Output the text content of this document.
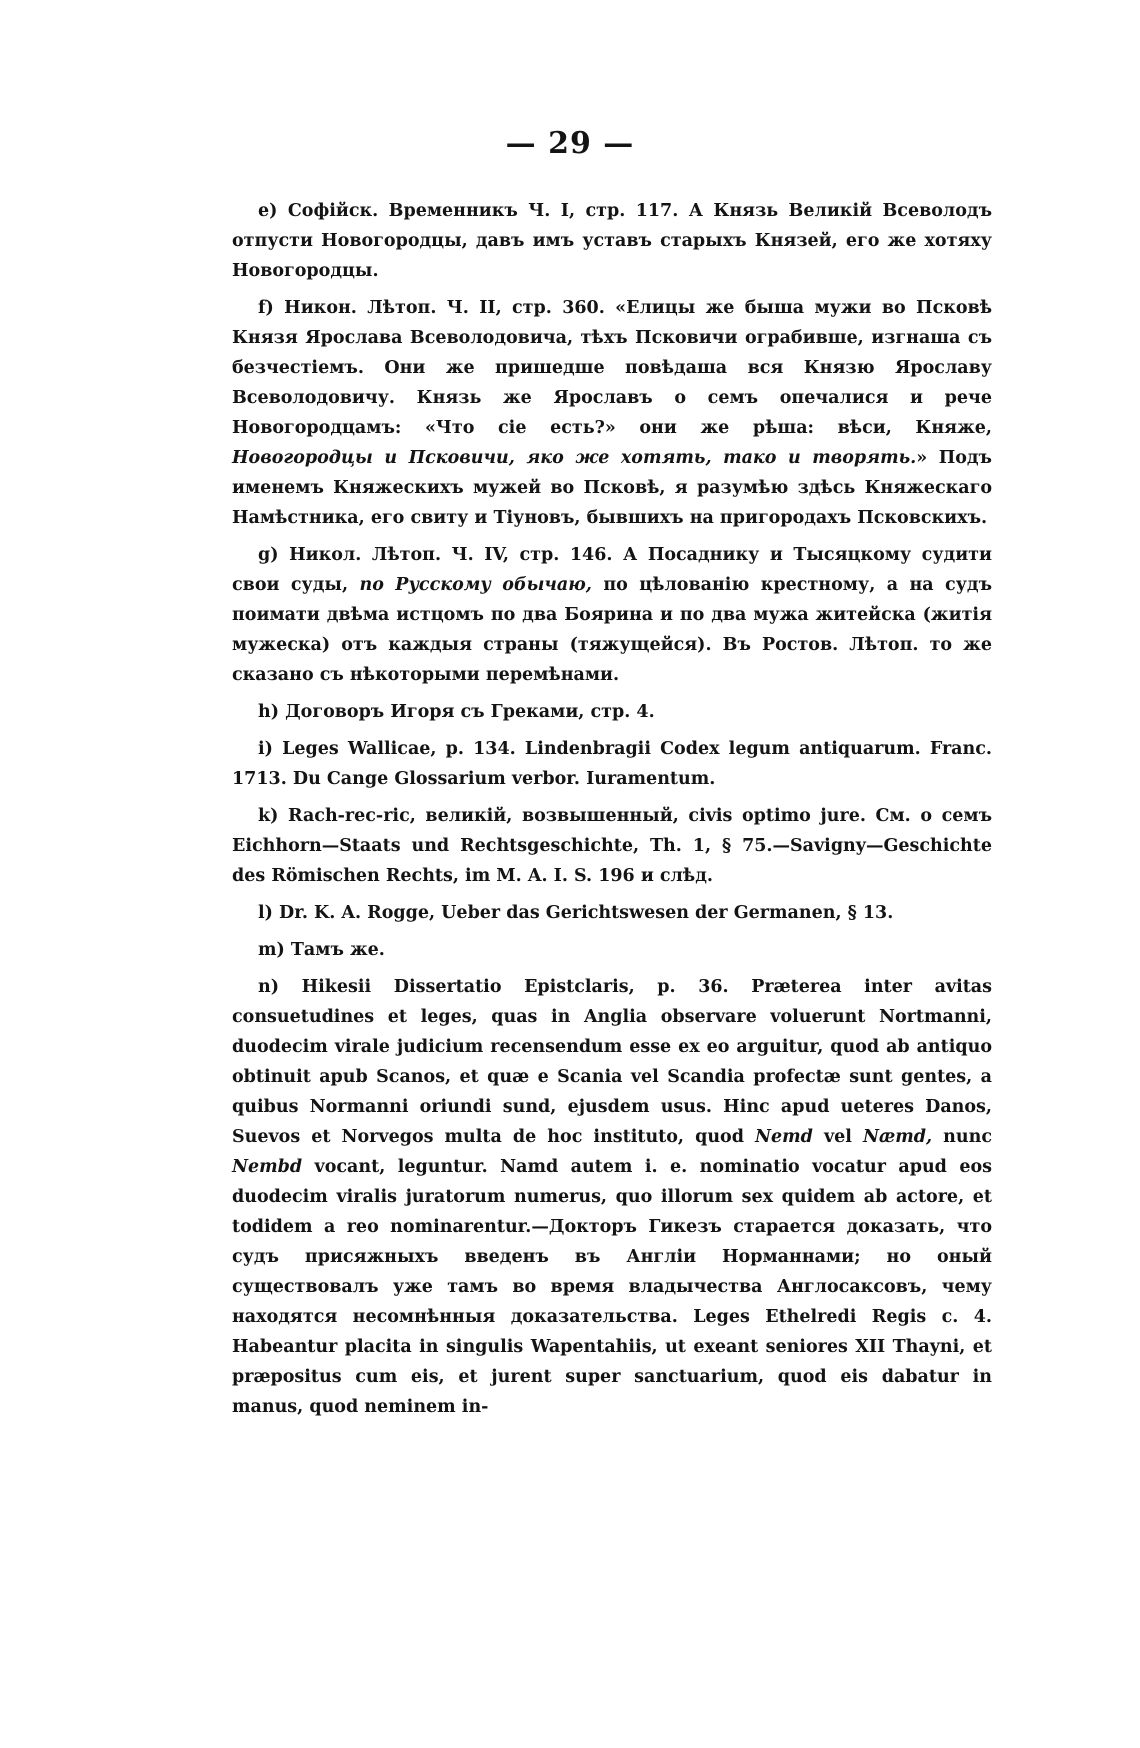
— 29 —

e) Софійск. Временникъ Ч. I, стр. 117. А Князь Великій Всеволодъ отпусти Новогородцы, давъ имъ уставъ старыхъ Князей, его же хотяху Новогородцы.

f) Никон. Лѣтоп. Ч. II, стр. 360. «Елицы же быша мужи во Псковѣ Князя Ярослава Всеволодовича, тѣхъ Псковичи ограбивше, изгнаша съ безчестіемъ. Они же пришедше повѣдаша вся Князю Ярославу Всеволодовичу. Князь же Ярославъ о семъ опечалися и рече Новогородцамъ: «Что сіе есть?» они же рѣша: вѣси, Княже, Новогородцы и Псковичи, яко же хотять, тако и творять.» Подъ именемъ Княжескихъ мужей во Псковѣ, я разумѣю здѣсь Княжескаго Намѣстника, его свиту и Тіуновъ, бывшихъ на пригородахъ Псковскихъ.

g) Никол. Лѣтоп. Ч. IV, стр. 146. А Посаднику и Тысяцкому судити свои суды, по Русскому обычаю, по цѣлованію крестному, а на судъ поимати двѣма истцомъ по два Боярина и по два мужа житейска (житія мужеска) отъ каждыя страны (тяжущейся). Въ Ростов. Лѣтоп. то же сказано съ нѣкоторыми перемѣнами.

h) Договоръ Игоря съ Греками, стр. 4.

i) Leges Wallicae, p. 134. Lindenbragii Codex legum antiquarum. Franc. 1713. Du Cange Glossarium verbor. Iuramentum.

k) Rach-rec-ric, великій, возвышенный, civis optimo jure. См. о семъ Eichhorn—Staats und Rechtsgeschichte, Th. 1, § 75.—Savigny—Geschichte des Römischen Rechts, im M. A. I. S. 196 и слѣд.

l) Dr. K. A. Rogge, Ueber das Gerichtswesen der Germanen, § 13.

m) Тамъ же.

n) Hikesii Dissertatio Epistclaris, p. 36. Præterea inter avitas consuetudines et leges, quas in Anglia observare voluerunt Nortmanni, duodecim virale judicium recensendum esse ex eo arguitur, quod ab antiquo obtinuit apub Scanos, et quæ e Scania vel Scandia profectæ sunt gentes, a quibus Normanni oriundi sund, ejusdem usus. Hinc apud ueteres Danos, Suevos et Norvegos multa de hoc instituto, quod Nemd vel Næmd, nunc Nembd vocant, leguntur. Namd autem i. e. nominatio vocatur apud eos duodecim viralis juratorum numerus, quo illorum sex quidem ab actore, et todidem a reo nominarentur.—Докторъ Гикезъ старается доказать, что судъ присяжныхъ введенъ въ Англіи Норманнами; но оный существовалъ уже тамъ во время владычества Англосаксовъ, чему находятся несомнѣнныя доказательства. Leges Ethelredi Regis c. 4. Habeantur placita in singulis Wapentahiis, ut exeant seniores XII Thayni, et præpositus cum eis, et jurent super sanctuarium, quod eis dabatur in manus, quod neminem in-
